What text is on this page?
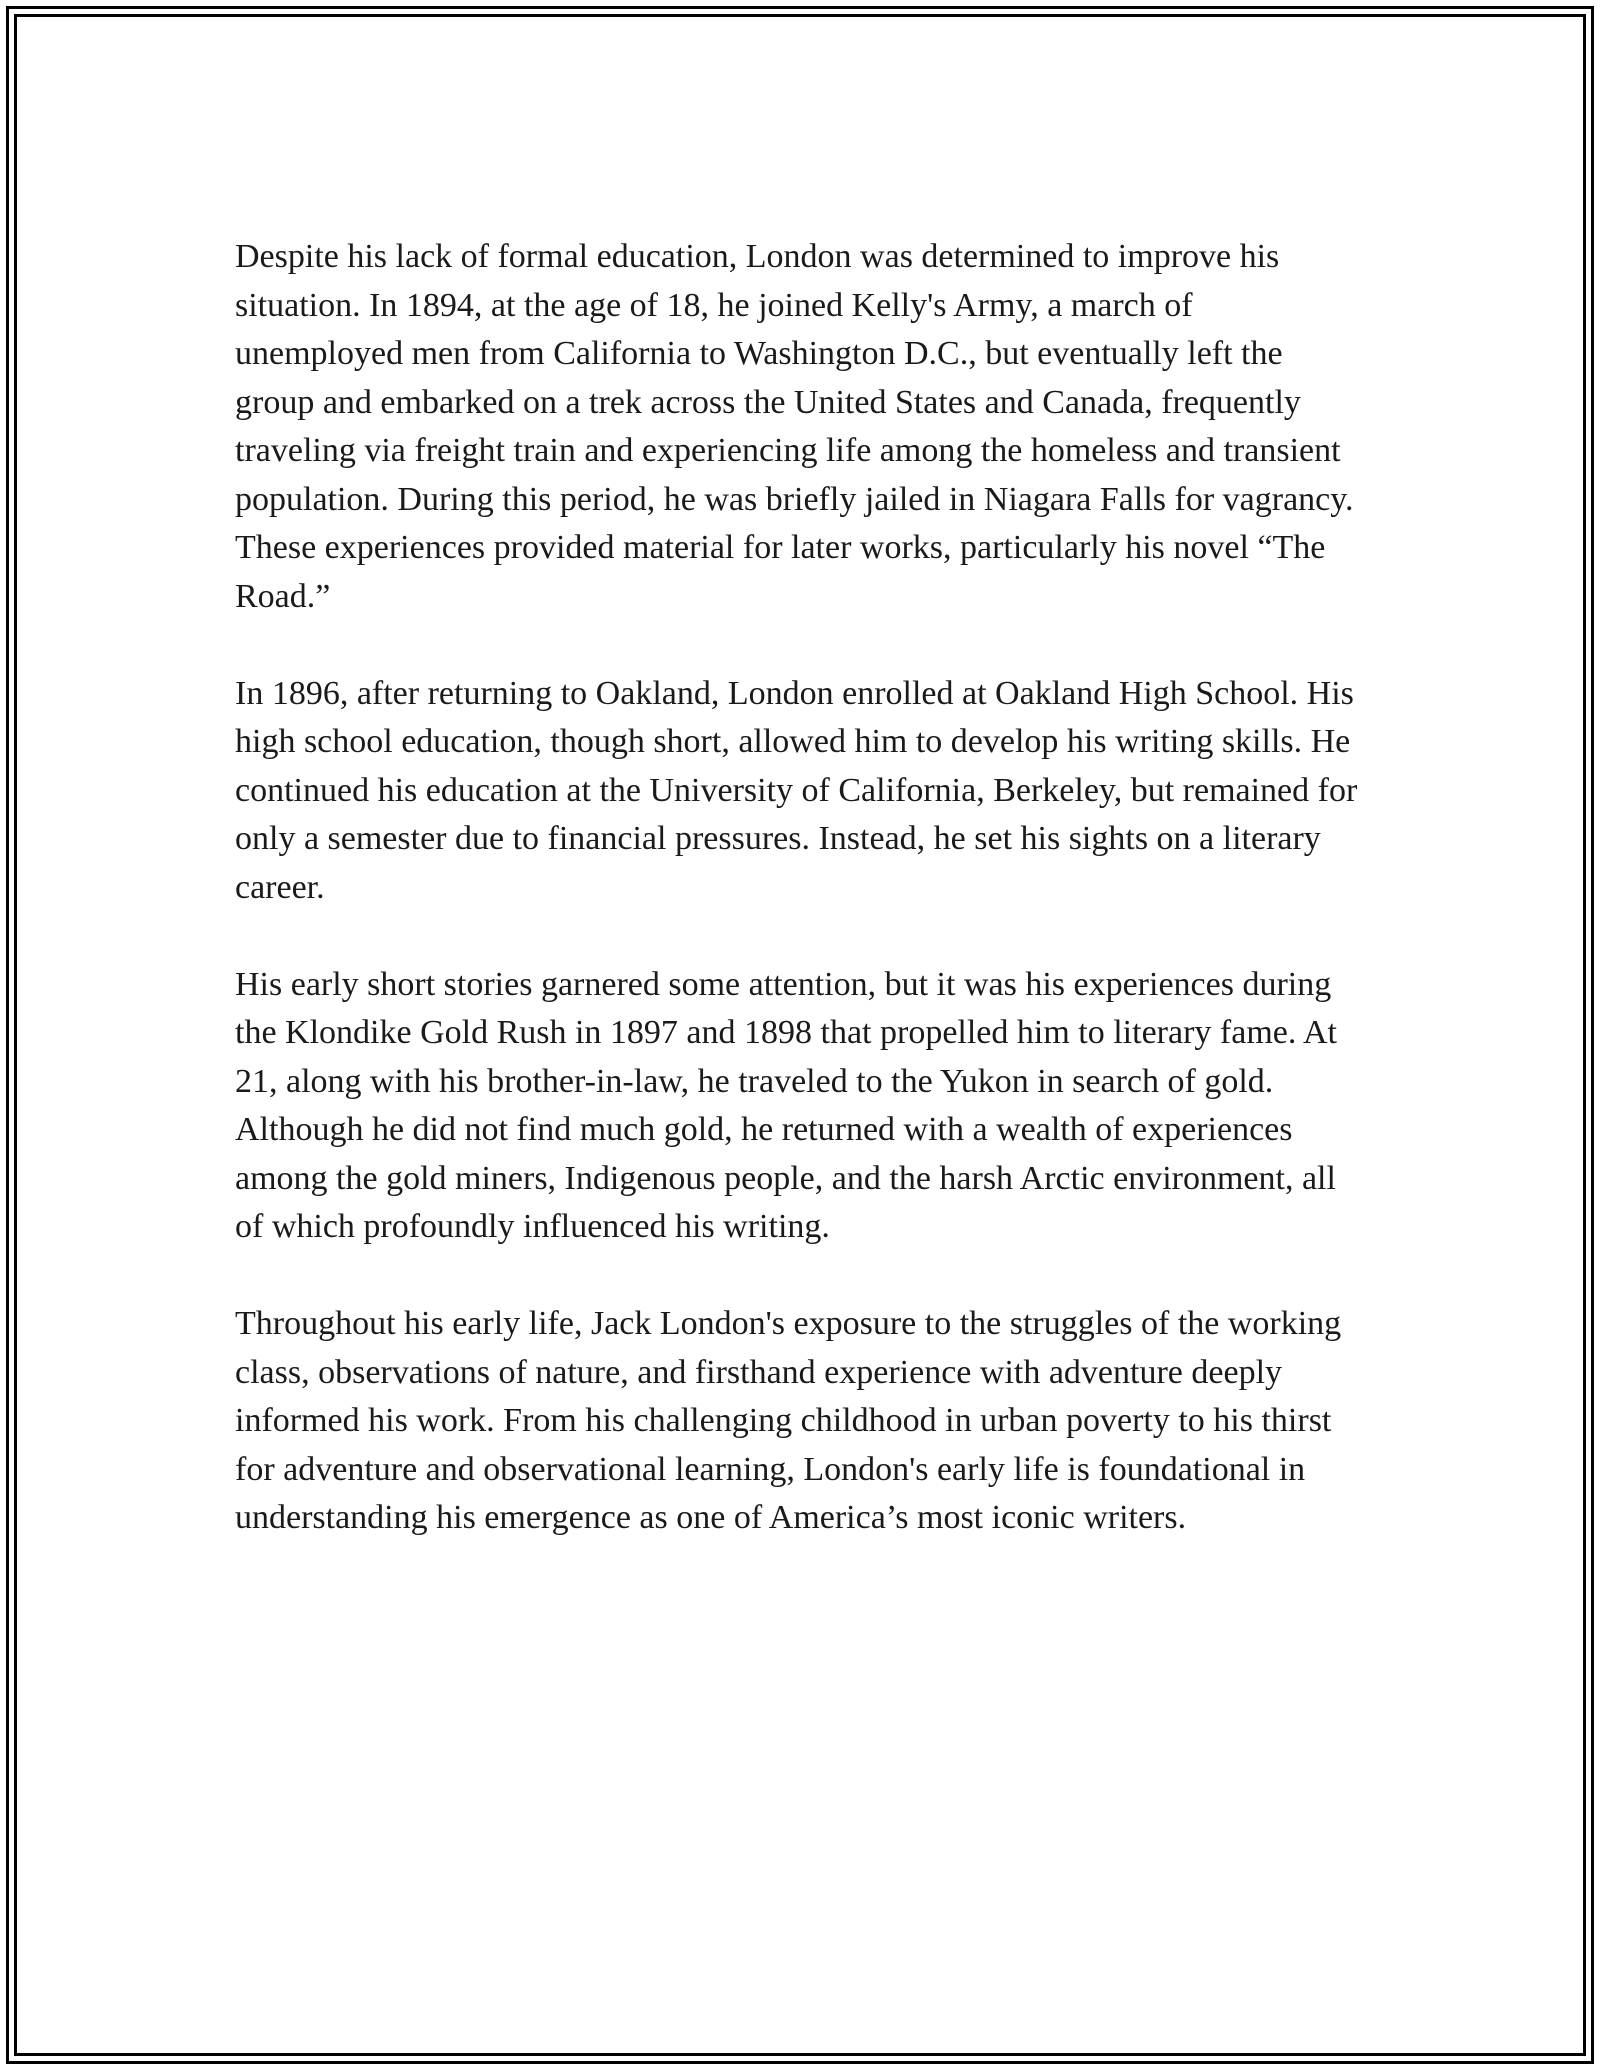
Despite his lack of formal education, London was determined to improve his situation. In 1894, at the age of 18, he joined Kelly's Army, a march of unemployed men from California to Washington D.C., but eventually left the group and embarked on a trek across the United States and Canada, frequently traveling via freight train and experiencing life among the homeless and transient population. During this period, he was briefly jailed in Niagara Falls for vagrancy. These experiences provided material for later works, particularly his novel “The Road.”

In 1896, after returning to Oakland, London enrolled at Oakland High School. His high school education, though short, allowed him to develop his writing skills. He continued his education at the University of California, Berkeley, but remained for only a semester due to financial pressures. Instead, he set his sights on a literary career.

His early short stories garnered some attention, but it was his experiences during the Klondike Gold Rush in 1897 and 1898 that propelled him to literary fame. At 21, along with his brother-in-law, he traveled to the Yukon in search of gold. Although he did not find much gold, he returned with a wealth of experiences among the gold miners, Indigenous people, and the harsh Arctic environment, all of which profoundly influenced his writing.

Throughout his early life, Jack London's exposure to the struggles of the working class, observations of nature, and firsthand experience with adventure deeply informed his work. From his challenging childhood in urban poverty to his thirst for adventure and observational learning, London's early life is foundational in understanding his emergence as one of America’s most iconic writers.
